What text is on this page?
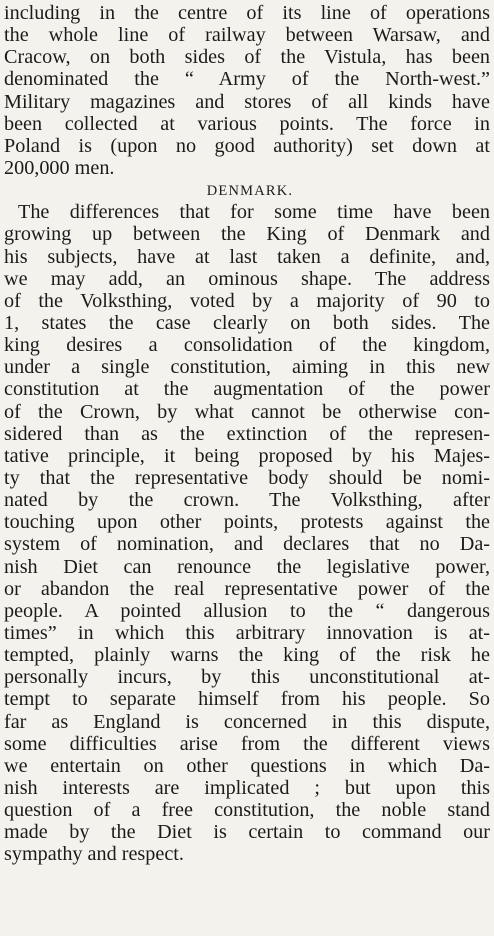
including in the centre of its line of operations
the whole line of railway between Warsaw, and
Cracow, on both sides of the Vistula, has been
denominated the “ Army of the North-west.”
Military magazines and stores of all kinds have
been collected at various points. The force in
Poland is (upon no good authority) set down at
200,000 men.
DENMARK.
The differences that for some time have been
growing up between the King of Denmark and
his subjects, have at last taken a definite, and,
we may add, an ominous shape. The address
of the Volksthing, voted by a majority of 90 to
1, states the case clearly on both sides. The
king desires a consolidation of the kingdom,
under a single constitution, aiming in this new
constitution at the augmentation of the power
of the Crown, by what cannot be otherwise con-
sidered than as the extinction of the represen-
tative principle, it being proposed by his Majes-
ty that the representative body should be nomi-
nated by the crown. The Volksthing, after
touching upon other points, protests against the
system of nomination, and declares that no Da-
nish Diet can renounce the legislative power,
or abandon the real representative power of the
people. A pointed allusion to the “ dangerous
times” in which this arbitrary innovation is at-
tempted, plainly warns the king of the risk he
personally incurs, by this unconstitutional at-
tempt to separate himself from his people. So
far as England is concerned in this dispute,
some difficulties arise from the different views
we entertain on other questions in which Da-
nish interests are implicated ; but upon this
question of a free constitution, the noble stand
made by the Diet is certain to command our
sympathy and respect.
